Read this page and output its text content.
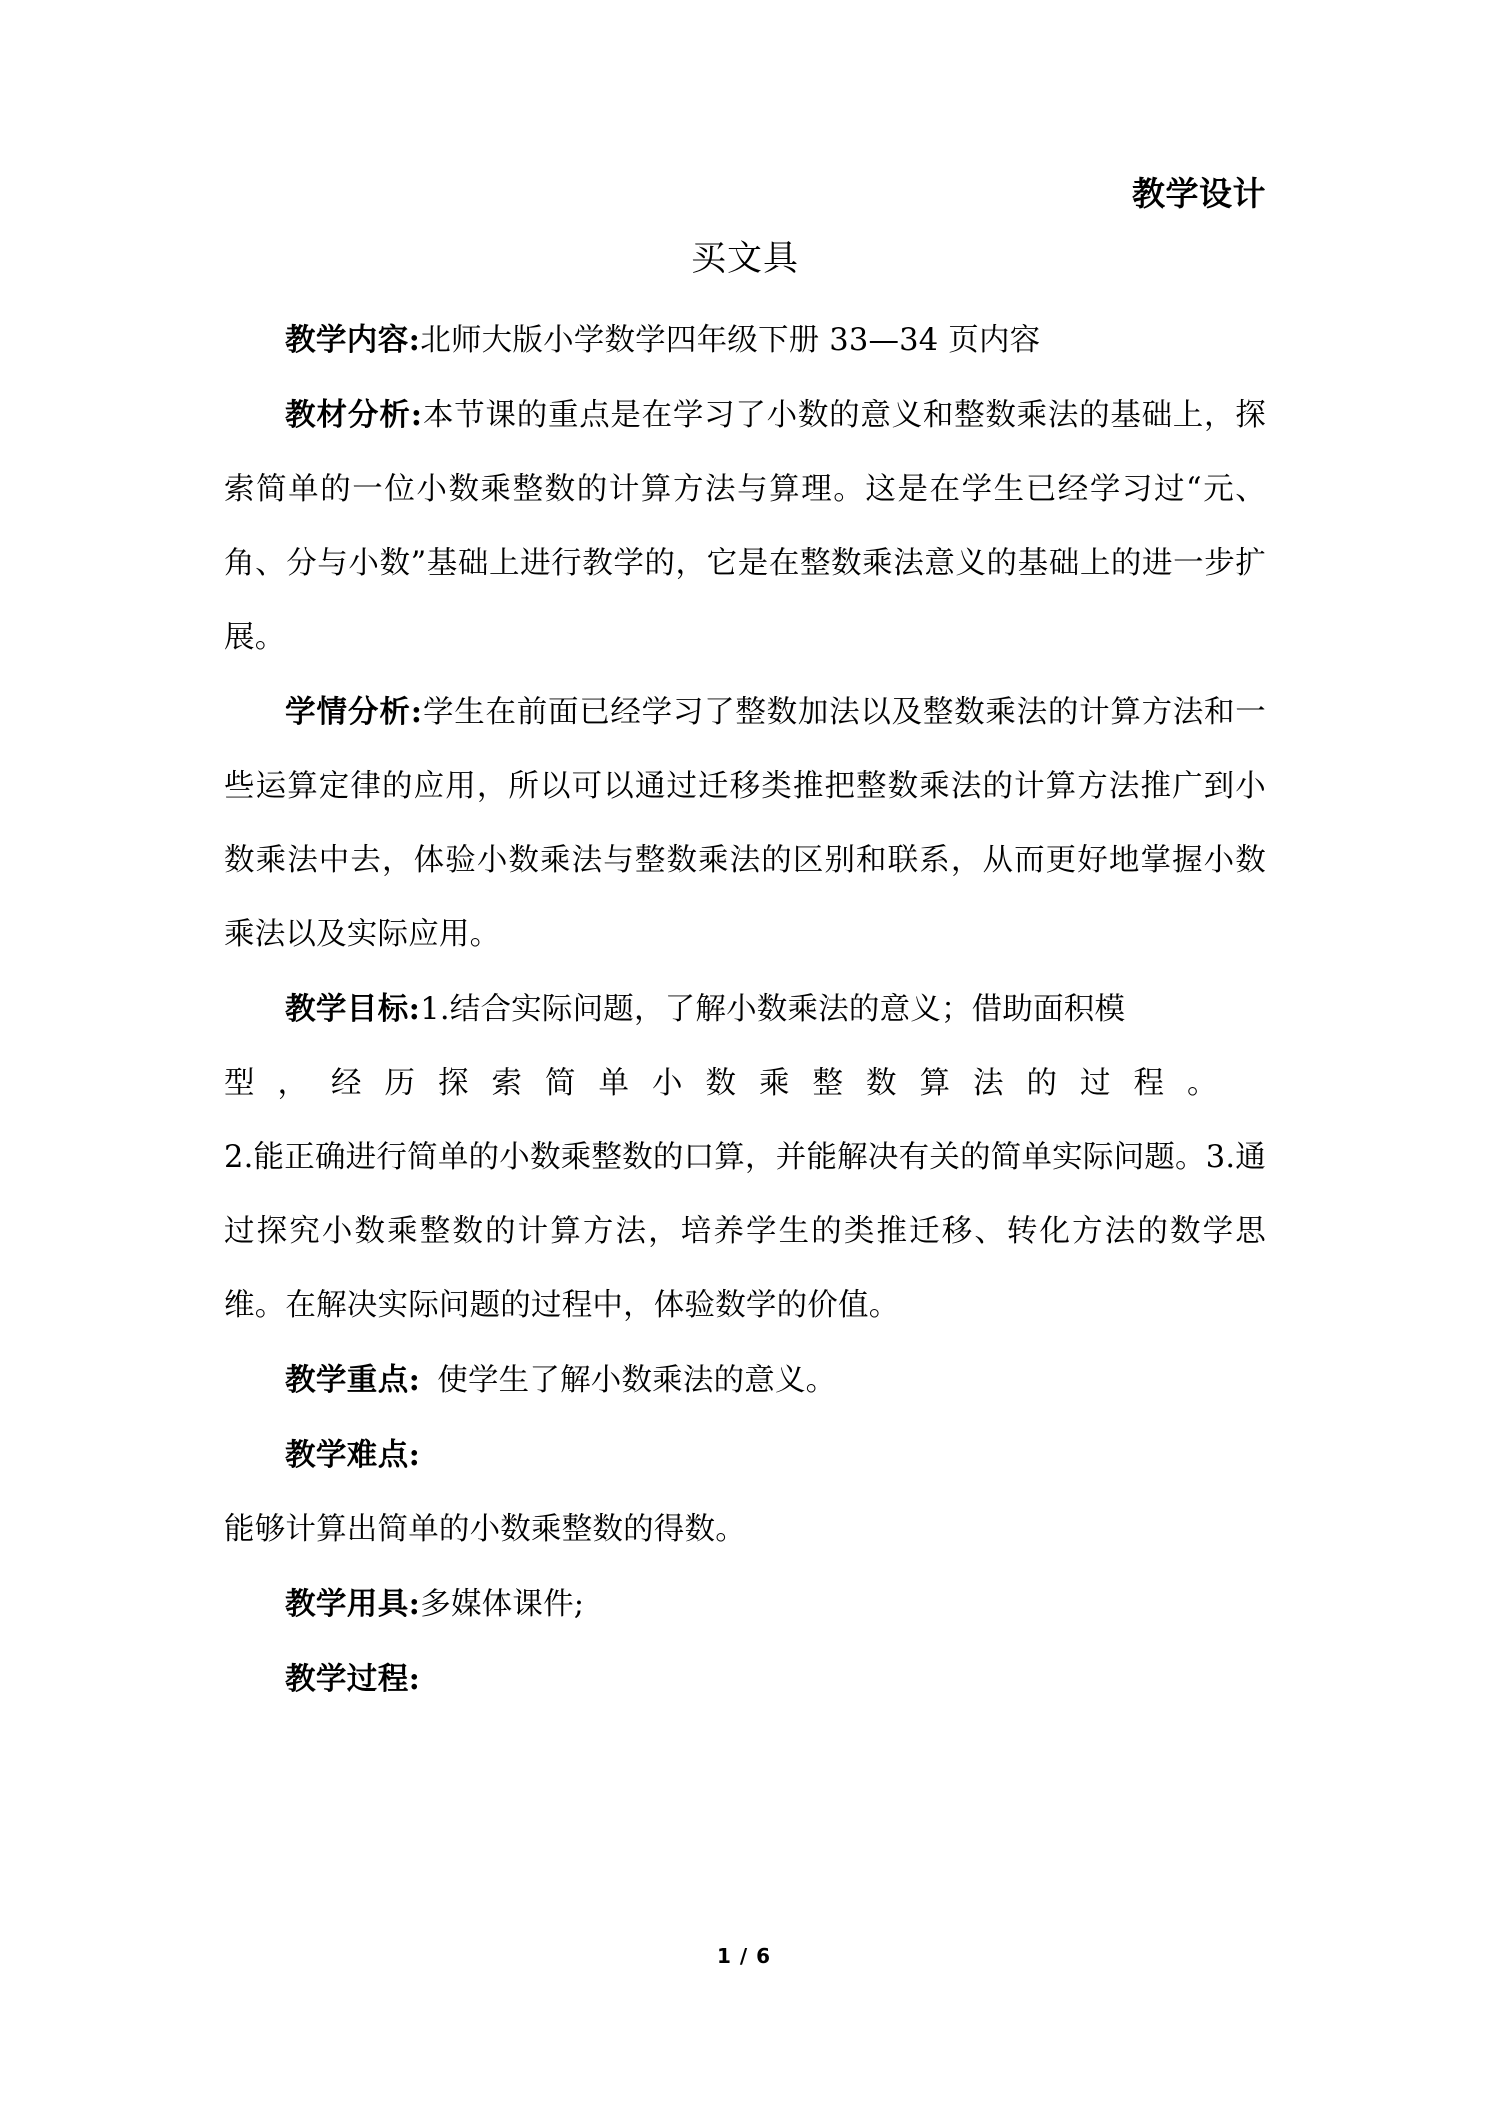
教学设计
买文具

教学内容:北师大版小学数学四年级下册 33—34 页内容

教材分析:本节课的重点是在学习了小数的意义和整数乘法的基础上，探索简单的一位小数乘整数的计算方法与算理。这是在学生已经学习过“元、角、分与小数”基础上进行教学的，它是在整数乘法意义的基础上的进一步扩展。

学情分析:学生在前面已经学习了整数加法以及整数乘法的计算方法和一些运算定律的应用，所以可以通过迁移类推把整数乘法的计算方法推广到小数乘法中去，体验小数乘法与整数乘法的区别和联系，从而更好地掌握小数乘法以及实际应用。

教学目标:1.结合实际问题，了解小数乘法的意义；借助面积模
型，经历探索简单小数乘整数算法的过程。
2.能正确进行简单的小数乘整数的口算，并能解决有关的简单实际问题。3.通过探究小数乘整数的计算方法，培养学生的类推迁移、转化方法的数学思维。在解决实际问题的过程中，体验数学的价值。

教学重点: 使学生了解小数乘法的意义。

教学难点:

能够计算出简单的小数乘整数的得数。

教学用具:多媒体课件;

教学过程:

1 / 6
